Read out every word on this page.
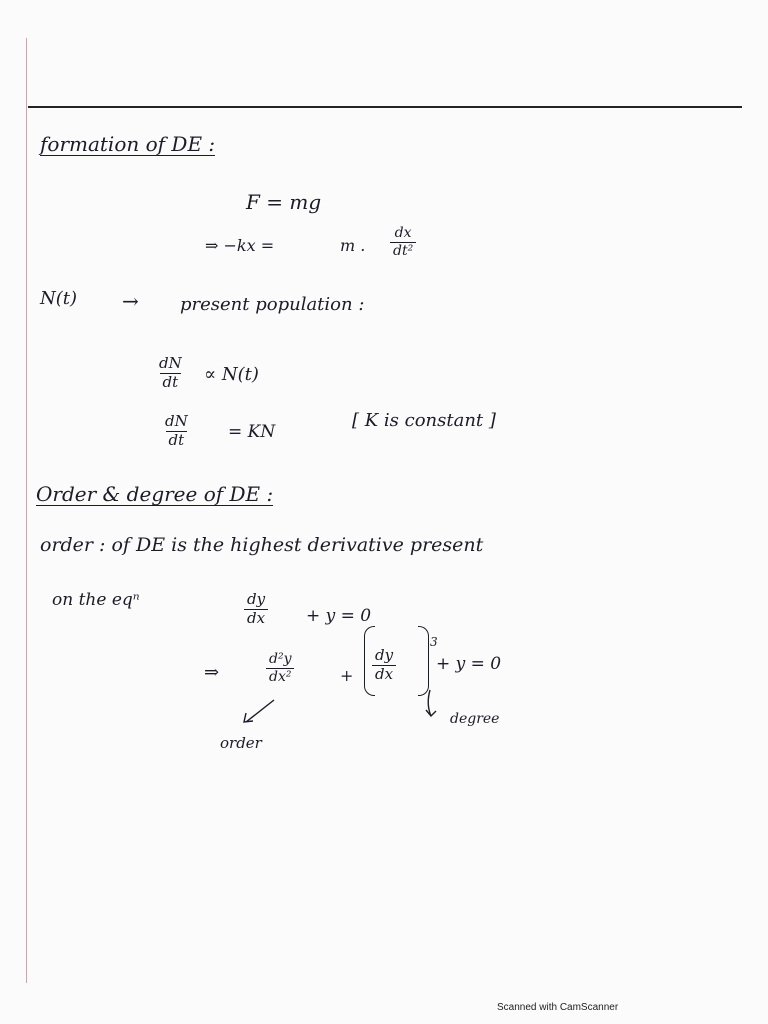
formation of DE :
F = mg
⇒ −kx =	m . $\frac{dx}{\text{dt²}}$
N(t) → present population :
$\frac{dN}{dt} \propto N(t)$
$\frac{dN}{dt}$ = KN
[ K is constant ]
Order & degree of DE :
order : of DE is the highest derivative present
on the eqⁿ	$\frac{dy}{dx} + y = 0$
⇒	$\frac{\text{d²y}}{\text{dx²}}$	+ $\frac{dy}{dx}$
3
+ y = 0
order
degree
Scanned with CamScanner
